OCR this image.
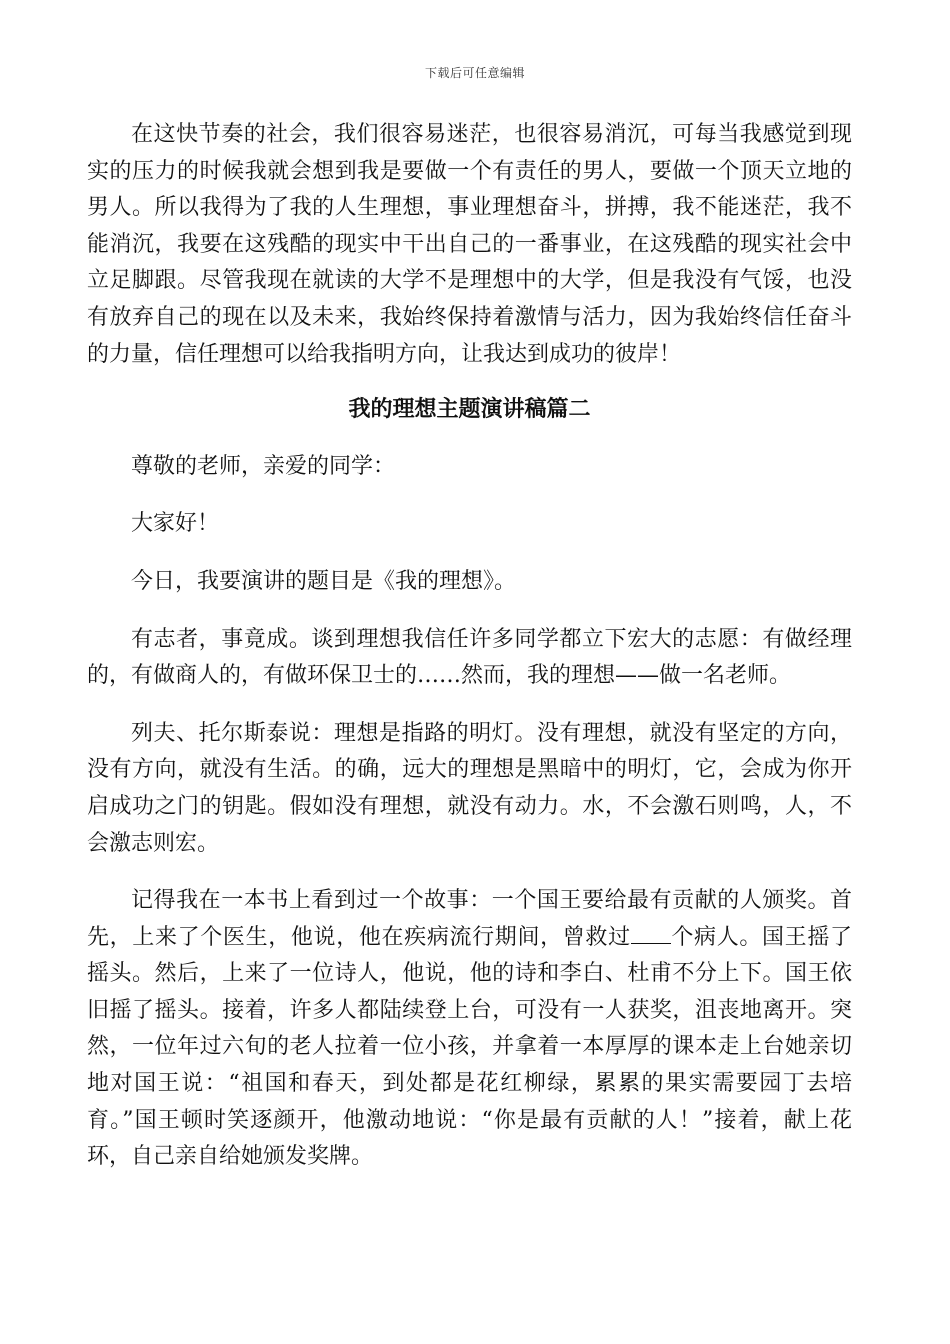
下载后可任意编辑

在这快节奏的社会，我们很容易迷茫，也很容易消沉，可每当我感觉到现实的压力的时候我就会想到我是要做一个有责任的男人，要做一个顶天立地的男人。所以我得为了我的人生理想，事业理想奋斗，拼搏，我不能迷茫，我不能消沉，我要在这残酷的现实中干出自己的一番事业，在这残酷的现实社会中立足脚跟。尽管我现在就读的大学不是理想中的大学，但是我没有气馁，也没有放弃自己的现在以及未来，我始终保持着激情与活力，因为我始终信任奋斗的力量，信任理想可以给我指明方向，让我达到成功的彼岸！

我的理想主题演讲稿篇二

尊敬的老师，亲爱的同学：

大家好！

今日，我要演讲的题目是《我的理想》。

有志者，事竟成。谈到理想我信任许多同学都立下宏大的志愿：有做经理的，有做商人的，有做环保卫士的……然而，我的理想——做一名老师。

列夫、托尔斯泰说：理想是指路的明灯。没有理想，就没有坚定的方向，没有方向，就没有生活。的确，远大的理想是黑暗中的明灯，它，会成为你开启成功之门的钥匙。假如没有理想，就没有动力。水，不会激石则鸣，人，不会激志则宏。

记得我在一本书上看到过一个故事：一个国王要给最有贡献的人颁奖。首先，上来了个医生，他说，他在疾病流行期间，曾救过 个病人。国王摇了摇头。然后，上来了一位诗人，他说，他的诗和李白、杜甫不分上下。国王依旧摇了摇头。接着，许多人都陆续登上台，可没有一人获奖，沮丧地离开。突然，一位年过六旬的老人拉着一位小孩，并拿着一本厚厚的课本走上台她亲切地对国王说：“祖国和春天，到处都是花红柳绿，累累的果实需要园丁去培育。”国王顿时笑逐颜开，他激动地说：“你是最有贡献的人！”接着，献上花环，自己亲自给她颁发奖牌。
